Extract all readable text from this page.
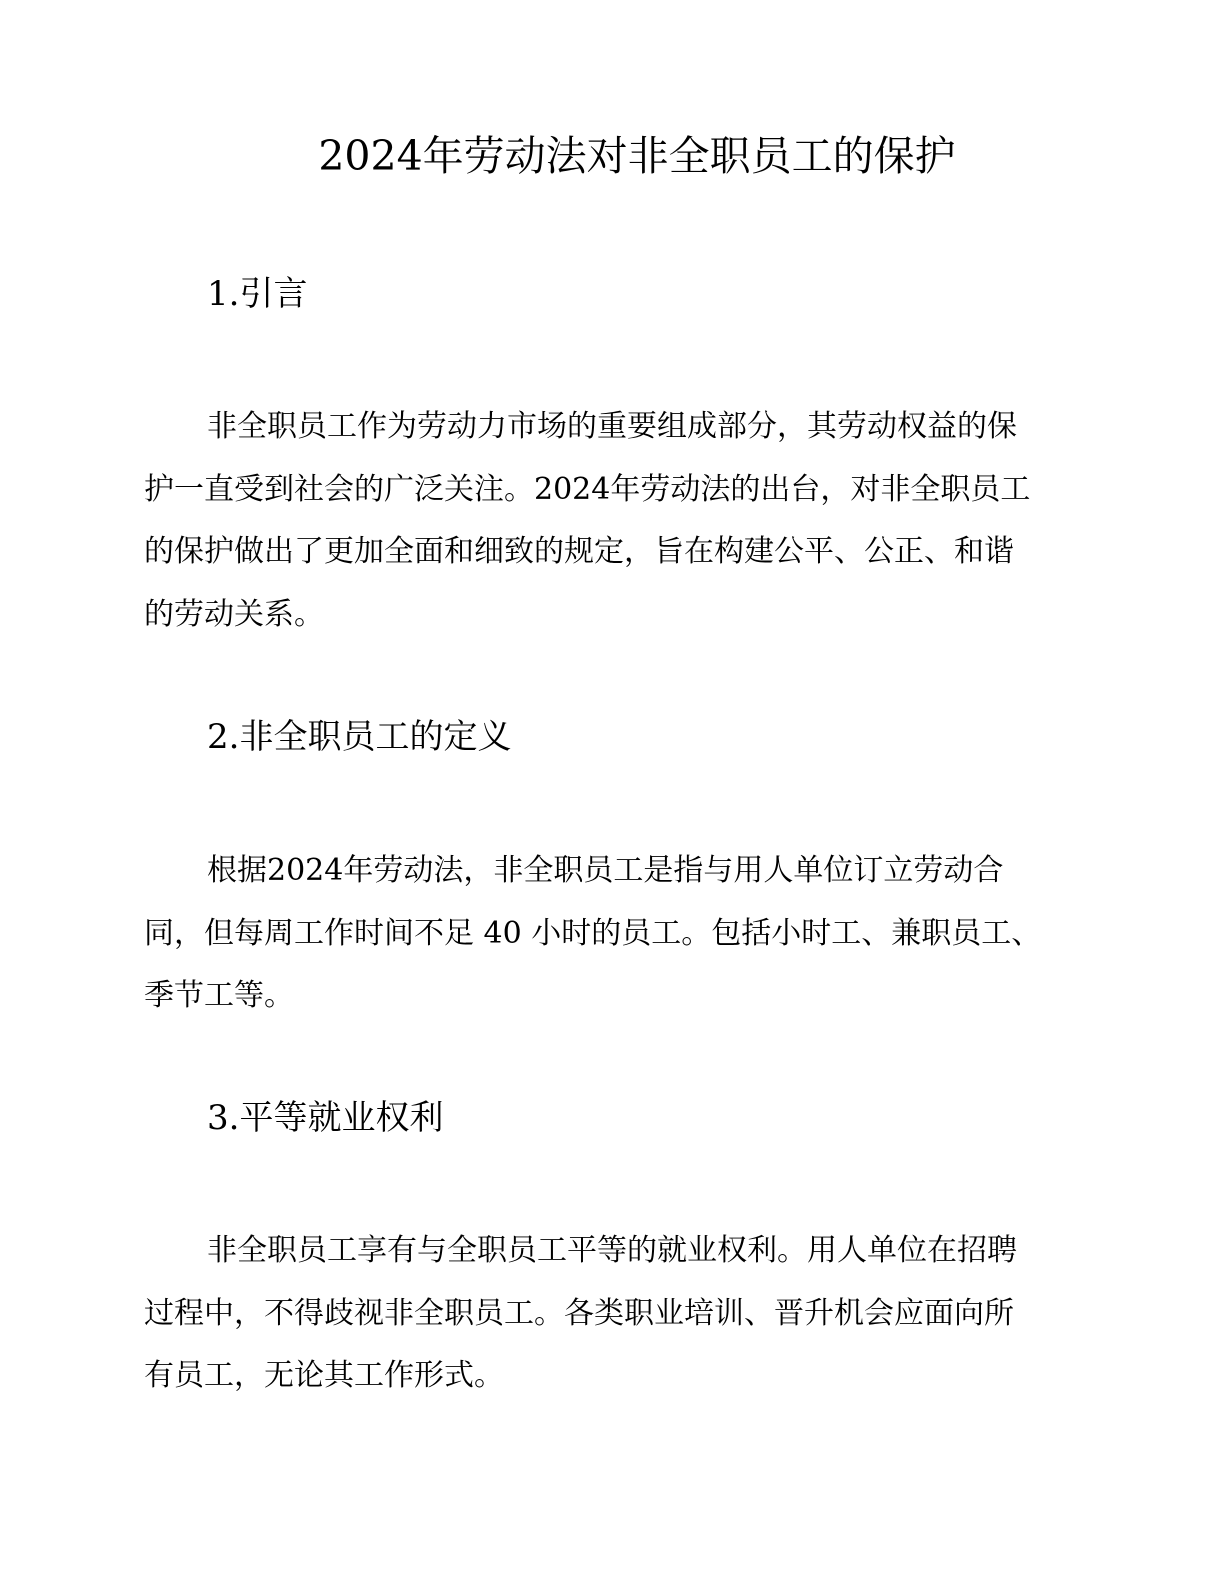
2024年劳动法对非全职员工的保护
1.引言
非全职员工作为劳动力市场的重要组成部分，其劳动权益的保
护一直受到社会的广泛关注。2024年劳动法的出台，对非全职员工
的保护做出了更加全面和细致的规定，旨在构建公平、公正、和谐
的劳动关系。
2.非全职员工的定义
根据2024年劳动法，非全职员工是指与用人单位订立劳动合
同，但每周工作时间不足 40 小时的员工。包括小时工、兼职员工、
季节工等。
3.平等就业权利
非全职员工享有与全职员工平等的就业权利。用人单位在招聘
过程中，不得歧视非全职员工。各类职业培训、晋升机会应面向所
有员工，无论其工作形式。
